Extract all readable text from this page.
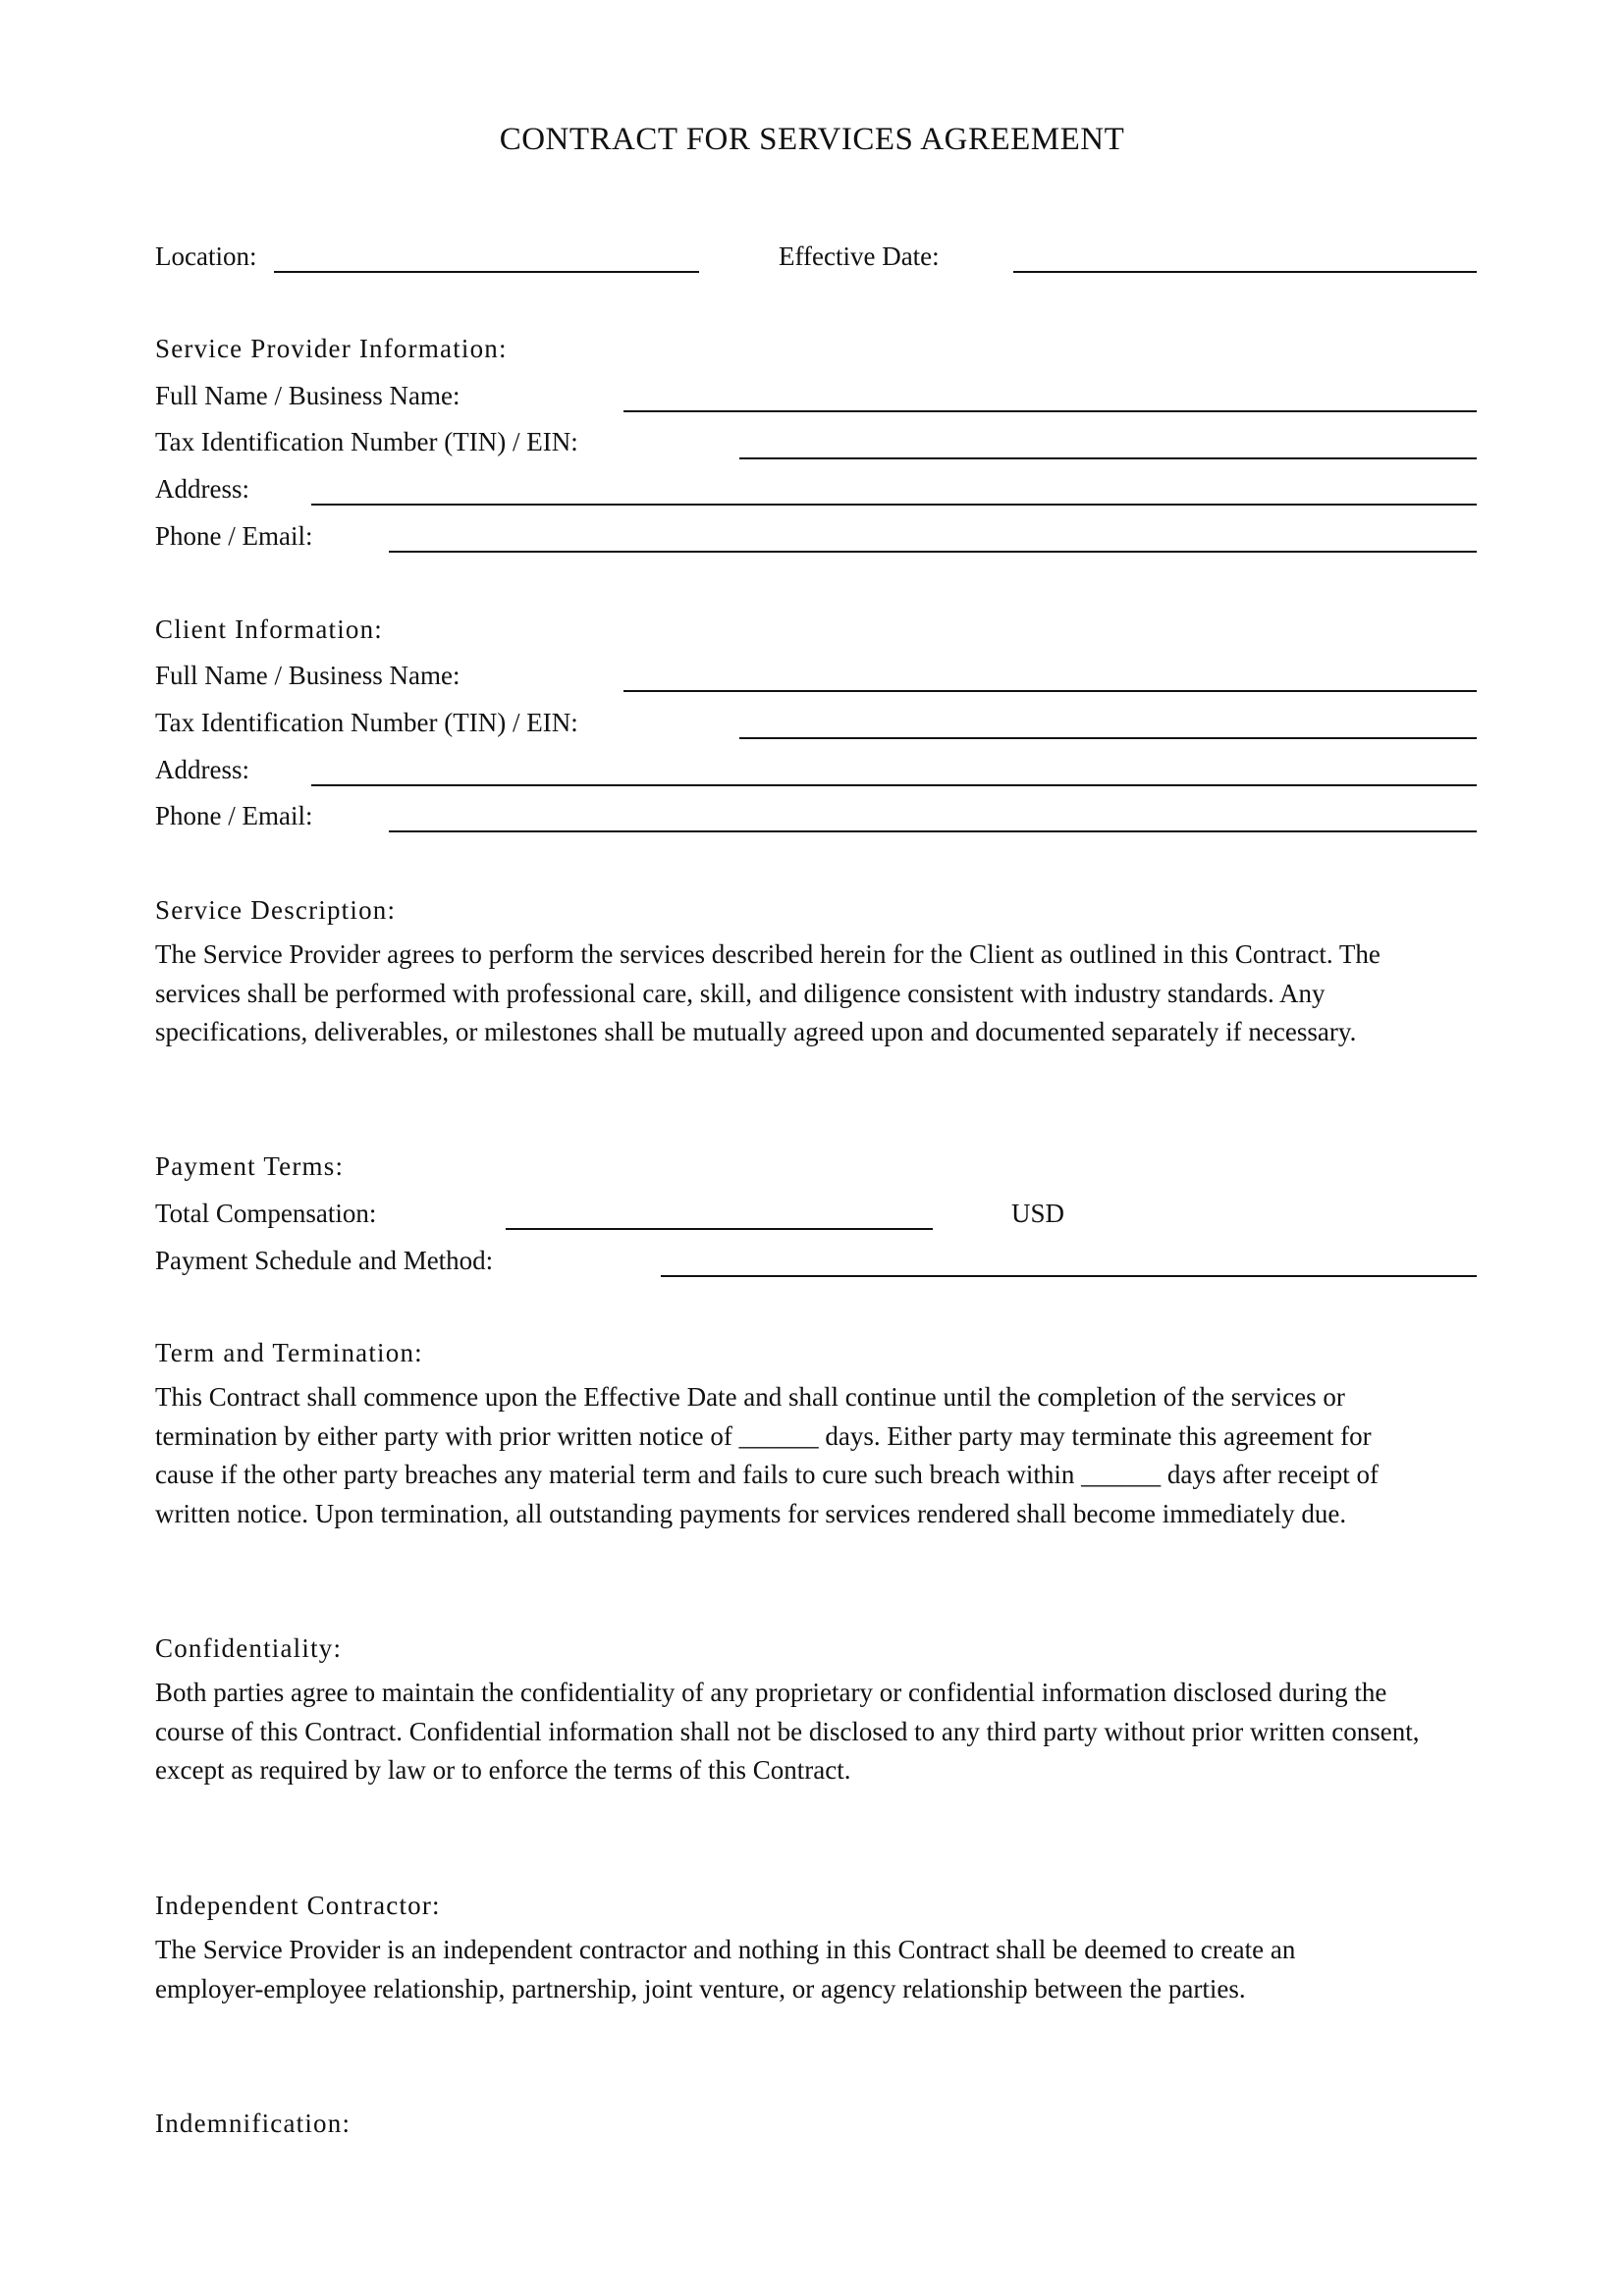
CONTRACT FOR SERVICES AGREEMENT
Location:	Effective Date:
Service Provider Information:
Full Name / Business Name:
Tax Identification Number (TIN) / EIN:
Address:
Phone / Email:
Client Information:
Full Name / Business Name:
Tax Identification Number (TIN) / EIN:
Address:
Phone / Email:
Service Description:
The Service Provider agrees to perform the services described herein for the Client as outlined in this Contract. The
services shall be performed with professional care, skill, and diligence consistent with industry standards. Any
specifications, deliverables, or milestones shall be mutually agreed upon and documented separately if necessary.
Payment Terms:
Total Compensation:	USD
Payment Schedule and Method:
Term and Termination:
This Contract shall commence upon the Effective Date and shall continue until the completion of the services or
termination by either party with prior written notice of ______ days. Either party may terminate this agreement for
cause if the other party breaches any material term and fails to cure such breach within ______ days after receipt of
written notice. Upon termination, all outstanding payments for services rendered shall become immediately due.
Confidentiality:
Both parties agree to maintain the confidentiality of any proprietary or confidential information disclosed during the
course of this Contract. Confidential information shall not be disclosed to any third party without prior written consent,
except as required by law or to enforce the terms of this Contract.
Independent Contractor:
The Service Provider is an independent contractor and nothing in this Contract shall be deemed to create an
employer-employee relationship, partnership, joint venture, or agency relationship between the parties.
Indemnification:
